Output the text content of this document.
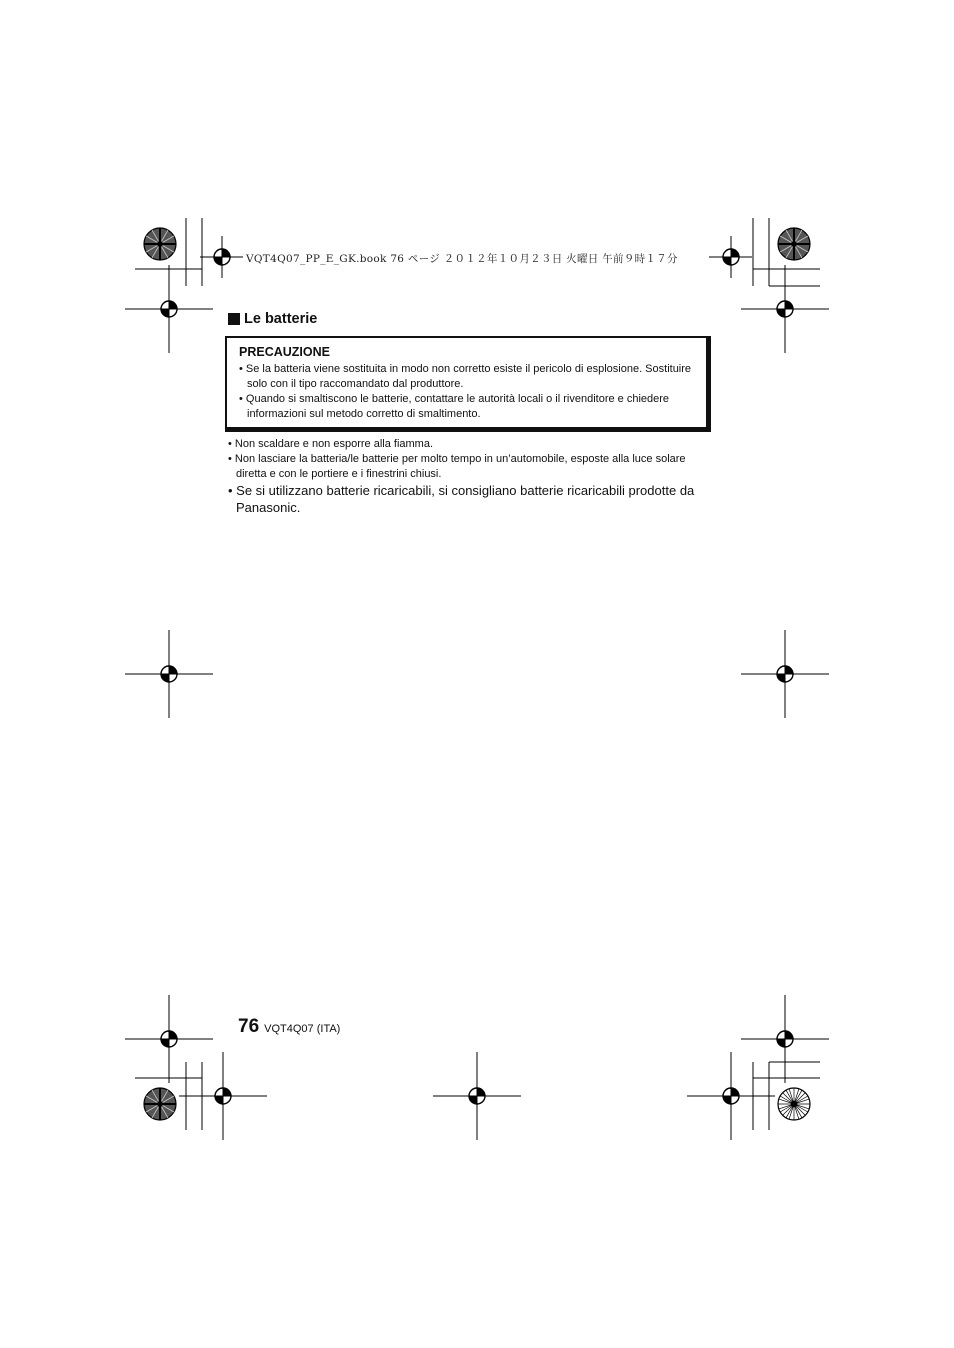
VQT4Q07_PP_E_GK.book 76 ページ ２０１２年１０月２３日 火曜日 午前９時１７分
Le batterie
PRECAUZIONE
• Se la batteria viene sostituita in modo non corretto esiste il pericolo di esplosione. Sostituire solo con il tipo raccomandato dal produttore.
• Quando si smaltiscono le batterie, contattare le autorità locali o il rivenditore e chiedere informazioni sul metodo corretto di smaltimento.
• Non scaldare e non esporre alla fiamma.
• Non lasciare la batteria/le batterie per molto tempo in un’automobile, esposte alla luce solare diretta e con le portiere e i finestrini chiusi.
• Se si utilizzano batterie ricaricabili, si consigliano batterie ricaricabili prodotte da Panasonic.
76 VQT4Q07 (ITA)
